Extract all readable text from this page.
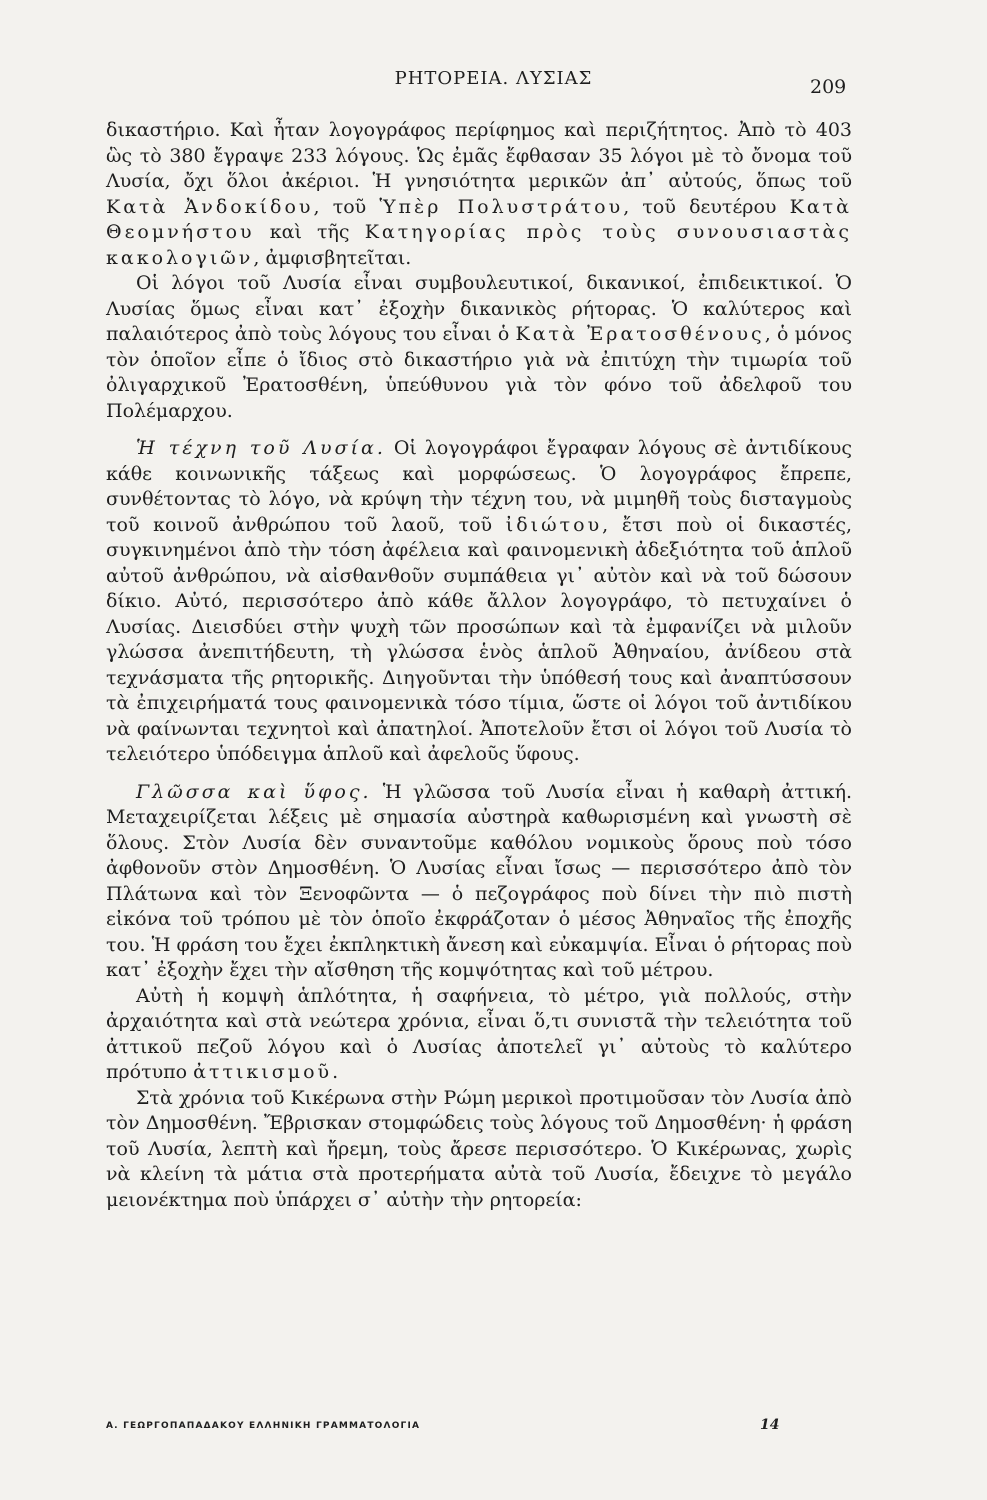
ΡΗΤΟΡΕΙΑ. ΛΥΣΙΑΣ	209

δικαστήριο. Καὶ ἦταν λογογράφος περίφημος καὶ περιζήτητος. Ἀπὸ τὸ 403 ὣς τὸ 380 ἔγραψε 233 λόγους. Ὡς ἐμᾶς ἔφθασαν 35 λόγοι μὲ τὸ ὄνομα τοῦ Λυσία, ὄχι ὅλοι ἀκέριοι. Ἡ γνησιότητα μερικῶν ἀπ᾽ αὐτούς, ὅπως τοῦ Κατὰ Ἀνδοκίδου, τοῦ Ὑπὲρ Πολυστράτου, τοῦ δευτέρου Κατὰ Θεομνήστου καὶ τῆς Κατηγορίας πρὸς τοὺς συνουσιαστὰς κακολογιῶν, ἀμφισβητεῖται.

Οἱ λόγοι τοῦ Λυσία εἶναι συμβουλευτικοί, δικανικοί, ἐπιδεικτικοί. Ὁ Λυσίας ὅμως εἶναι κατ᾽ ἐξοχὴν δικανικὸς ρήτορας. Ὁ καλύτερος καὶ παλαιότερος ἀπὸ τοὺς λόγους του εἶναι ὁ Κατὰ Ἐρατοσθένους, ὁ μόνος τὸν ὁποῖον εἶπε ὁ ἴδιος στὸ δικαστήριο γιὰ νὰ ἐπιτύχη τὴν τιμωρία τοῦ ὀλιγαρχικοῦ Ἐρατοσθένη, ὑπεύθυνου γιὰ τὸν φόνο τοῦ ἀδελφοῦ του Πολέμαρχου.

Ἡ τέχνη τοῦ Λυσία. Οἱ λογογράφοι ἔγραφαν λόγους σὲ ἀντιδίκους κάθε κοινωνικῆς τάξεως καὶ μορφώσεως. Ὁ λογογράφος ἔπρεπε, συνθέτοντας τὸ λόγο, νὰ κρύψη τὴν τέχνη του, νὰ μιμηθῆ τοὺς δισταγμοὺς τοῦ κοινοῦ ἀνθρώπου τοῦ λαοῦ, τοῦ ἰδιώτου, ἔτσι ποὺ οἱ δικαστές, συγκινημένοι ἀπὸ τὴν τόση ἀφέλεια καὶ φαινομενικὴ ἀδεξιότητα τοῦ ἁπλοῦ αὐτοῦ ἀνθρώπου, νὰ αἰσθανθοῦν συμπάθεια γι᾽ αὐτὸν καὶ νὰ τοῦ δώσουν δίκιο. Αὐτό, περισσότερο ἀπὸ κάθε ἄλλον λογογράφο, τὸ πετυχαίνει ὁ Λυσίας. Διεισδύει στὴν ψυχὴ τῶν προσώπων καὶ τὰ ἐμφανίζει νὰ μιλοῦν γλώσσα ἀνεπιτήδευτη, τὴ γλώσσα ἑνὸς ἁπλοῦ Ἀθηναίου, ἀνίδεου στὰ τεχνάσματα τῆς ρητορικῆς. Διηγοῦνται τὴν ὑπόθεσή τους καὶ ἀναπτύσσουν τὰ ἐπιχειρήματά τους φαινομενικὰ τόσο τίμια, ὥστε οἱ λόγοι τοῦ ἀντιδίκου νὰ φαίνωνται τεχνητοὶ καὶ ἀπατηλοί. Ἀποτελοῦν ἔτσι οἱ λόγοι τοῦ Λυσία τὸ τελειότερο ὑπόδειγμα ἁπλοῦ καὶ ἀφελοῦς ὕφους.

Γλῶσσα καὶ ὕφος. Ἡ γλῶσσα τοῦ Λυσία εἶναι ἡ καθαρὴ ἀττική. Μεταχειρίζεται λέξεις μὲ σημασία αὐστηρὰ καθωρισμένη καὶ γνωστὴ σὲ ὅλους. Στὸν Λυσία δὲν συναντοῦμε καθόλου νομικοὺς ὅρους ποὺ τόσο ἀφθονοῦν στὸν Δημοσθένη. Ὁ Λυσίας εἶναι ἴσως — περισσότερο ἀπὸ τὸν Πλάτωνα καὶ τὸν Ξενοφῶντα — ὁ πεζογράφος ποὺ δίνει τὴν πιὸ πιστὴ εἰκόνα τοῦ τρόπου μὲ τὸν ὁποῖο ἐκφράζοταν ὁ μέσος Ἀθηναῖος τῆς ἐποχῆς του. Ἡ φράση του ἔχει ἐκπληκτικὴ ἄνεση καὶ εὐκαμψία. Εἶναι ὁ ρήτορας ποὺ κατ᾽ ἐξοχὴν ἔχει τὴν αἴσθηση τῆς κομψότητας καὶ τοῦ μέτρου.

Αὐτὴ ἡ κομψὴ ἁπλότητα, ἡ σαφήνεια, τὸ μέτρο, γιὰ πολλούς, στὴν ἀρχαιότητα καὶ στὰ νεώτερα χρόνια, εἶναι ὅ,τι συνιστᾶ τὴν τελειότητα τοῦ ἀττικοῦ πεζοῦ λόγου καὶ ὁ Λυσίας ἀποτελεῖ γι᾽ αὐτοὺς τὸ καλύτερο πρότυπο ἀττικισμοῦ.

Στὰ χρόνια τοῦ Κικέρωνα στὴν Ρώμη μερικοὶ προτιμοῦσαν τὸν Λυσία ἀπὸ τὸν Δημοσθένη. Ἔβρισκαν στομφώδεις τοὺς λόγους τοῦ Δημοσθένη· ἡ φράση τοῦ Λυσία, λεπτὴ καὶ ἤρεμη, τοὺς ἄρεσε περισσότερο. Ὁ Κικέρωνας, χωρὶς νὰ κλείνη τὰ μάτια στὰ προτερήματα αὐτὰ τοῦ Λυσία, ἔδειχνε τὸ μεγάλο μειονέκτημα ποὺ ὑπάρχει σ᾽ αὐτὴν τὴν ρητορεία:

Α. ΓΕΩΡΓΟΠΑΠΑΔΑΚΟΥ ΕΛΛΗΝΙΚΗ ΓΡΑΜΜΑΤΟΛΟΓΙΑ	14
